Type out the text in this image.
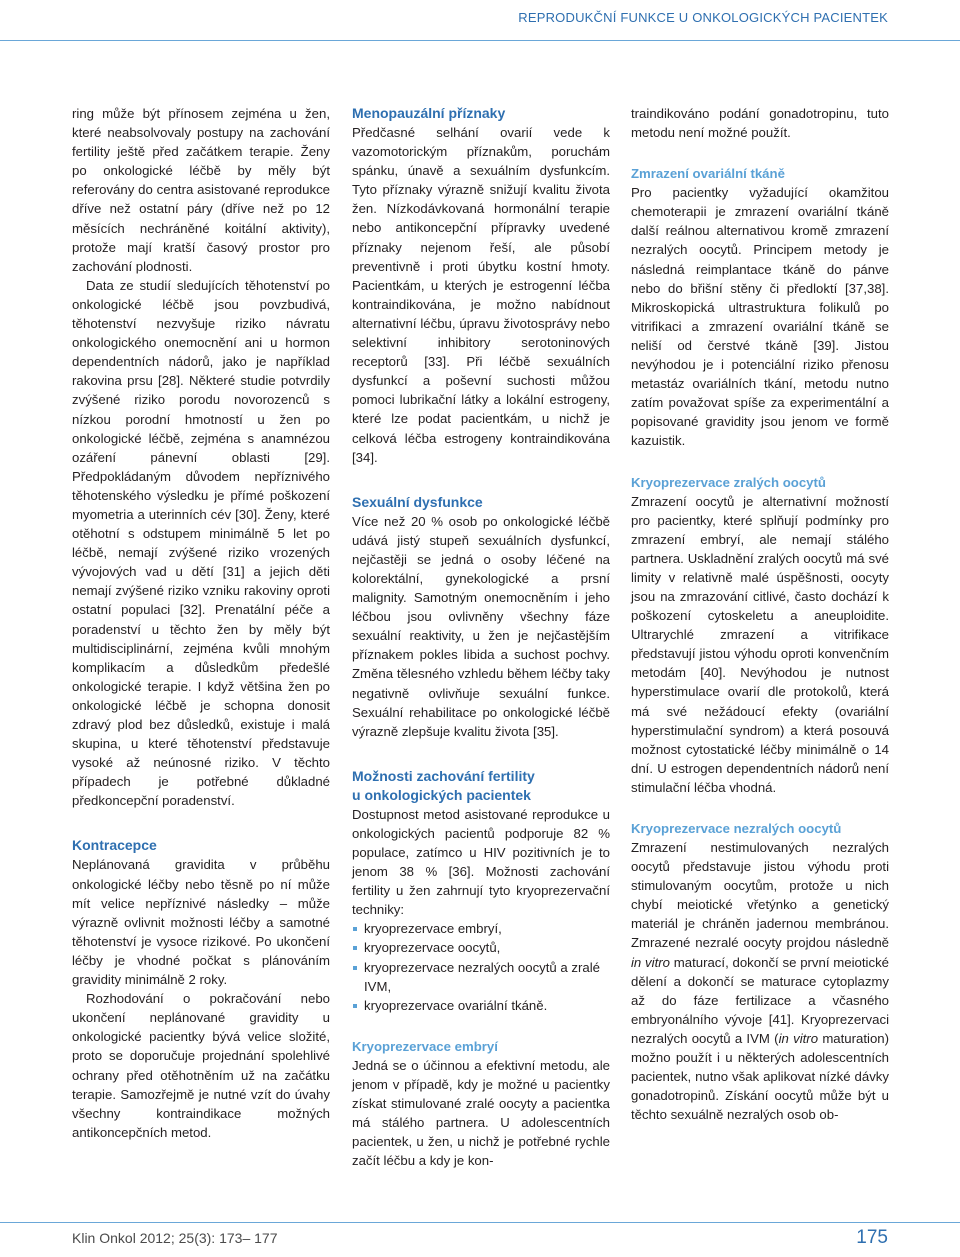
REPRODUKČNÍ FUNKCE U ONKOLOGICKÝCH PACIENTEK

ring může být přínosem zejména u žen, které neabsolvovaly postupy na zachování fertility ještě před začátkem terapie. Ženy po onkologické léčbě by měly být referovány do centra asistované reprodukce dříve než ostatní páry (dříve než po 12 měsících nechráněné koitální aktivity), protože mají kratší časový prostor pro zachování plodnosti.

Data ze studií sledujících těhotenství po onkologické léčbě jsou povzbudivá, těhotenství nezvyšuje riziko návratu onkologického onemocnění ani u hormon dependentních nádorů, jako je například rakovina prsu [28]. Některé studie potvrdily zvýšené riziko porodu novorozenců s nízkou porodní hmotností u žen po onkologické léčbě, zejména s anamnézou ozáření pánevní oblasti [29]. Předpokládaným důvodem nepříznivého těhotenského výsledku je přímé poškození myometria a uterinních cév [30]. Ženy, které otěhotní s odstupem minimálně 5 let po léčbě, nemají zvýšené riziko vrozených vývojových vad u dětí [31] a jejich děti nemají zvýšené riziko vzniku rakoviny oproti ostatní populaci [32]. Prenatální péče a poradenství u těchto žen by měly být multidisciplinární, zejména kvůli mnohým komplikacím a důsledkům předešlé onkologické terapie. I když většina žen po onkologické léčbě je schopna donosit zdravý plod bez důsledků, existuje i malá skupina, u které těhotenství představuje vysoké až neúnosné riziko. V těchto případech je potřebné důkladné předkoncepční poradenství.

Kontracepce

Neplánovaná gravidita v průběhu onkologické léčby nebo těsně po ní může mít velice nepříznivé následky – může výrazně ovlivnit možnosti léčby a samotné těhotenství je vysoce rizikové. Po ukončení léčby je vhodné počkat s plánováním gravidity minimálně 2 roky.

Rozhodování o pokračování nebo ukončení neplánované gravidity u onkologické pacientky bývá velice složité, proto se doporučuje projednání spolehlivé ochrany před otěhotněním už na začátku terapie. Samozřejmě je nutné vzít do úvahy všechny kontraindikace možných antikoncepčních metod.

Menopauzální příznaky

Předčasné selhání ovarií vede k vazomotorickým příznakům, poruchám spánku, únavě a sexuálním dysfunkcím. Tyto příznaky výrazně snižují kvalitu života žen. Nízkodávkovaná hormonální terapie nebo antikoncepční přípravky uvedené příznaky nejenom řeší, ale působí preventivně i proti úbytku kostní hmoty. Pacientkám, u kterých je estrogenní léčba kontraindikována, je možno nabídnout alternativní léčbu, úpravu životosprávy nebo selektivní inhibitory serotoninových receptorů [33]. Při léčbě sexuálních dysfunkcí a poševní suchosti můžou pomoci lubrikační látky a lokální estrogeny, které lze podat pacientkám, u nichž je celková léčba estrogeny kontraindikována [34].

Sexuální dysfunkce

Více než 20 % osob po onkologické léčbě udává jistý stupeň sexuálních dysfunkcí, nejčastěji se jedná o osoby léčené na kolorektální, gynekologické a prsní malignity. Samotným onemocněním i jeho léčbou jsou ovlivněny všechny fáze sexuální reaktivity, u žen je nejčastějším příznakem pokles libida a suchost pochvy. Změna tělesného vzhledu během léčby taky negativně ovlivňuje sexuální funkce. Sexuální rehabilitace po onkologické léčbě výrazně zlepšuje kvalitu života [35].

Možnosti zachování fertility
u onkologických pacientek

Dostupnost metod asistované reprodukce u onkologických pacientů podporuje 82 % populace, zatímco u HIV pozitivních je to jenom 38 % [36]. Možnosti zachování fertility u žen zahrnují tyto kryoprezervační techniky:

kryoprezervace embryí,
kryoprezervace oocytů,
kryoprezervace nezralých oocytů a zralé IVM,
kryoprezervace ovariální tkáně.
Kryoprezervace embryí

Jedná se o účinnou a efektivní metodu, ale jenom v případě, kdy je možné u pacientky získat stimulované zralé oocyty a pacientka má stálého partnera. U adolescentních pacientek, u žen, u nichž je potřebné rychle začít léčbu a kdy je kon-

traindikováno podání gonadotropinu, tuto metodu není možné použít.

Zmrazení ovariální tkáně

Pro pacientky vyžadující okamžitou chemoterapii je zmrazení ovariální tkáně další reálnou alternativou kromě zmrazení nezralých oocytů. Principem metody je následná reimplantace tkáně do pánve nebo do břišní stěny či předloktí [37,38]. Mikroskopická ultrastruktura folikulů po vitrifikaci a zmrazení ovariální tkáně se neliší od čerstvé tkáně [39]. Jistou nevýhodou je i potenciální riziko přenosu metastáz ovariálních tkání, metodu nutno zatím považovat spíše za experimentální a popisované gravidity jsou jenom ve formě kazuistik.

Kryoprezervace zralých oocytů

Zmrazení oocytů je alternativní možností pro pacientky, které splňují podmínky pro zmrazení embryí, ale nemají stálého partnera. Uskladnění zralých oocytů má své limity v relativně malé úspěšnosti, oocyty jsou na zmrazování citlivé, často dochází k poškození cytoskeletu a aneuploidite. Ultrarychlé zmrazení a vitrifikace představují jistou výhodu oproti konvenčním metodám [40]. Nevýhodou je nutnost hyperstimulace ovarií dle protokolů, která má své nežádoucí efekty (ovariální hyperstimulační syndrom) a která posouvá možnost cytostatické léčby minimálně o 14 dní. U estrogen dependentních nádorů není stimulační léčba vhodná.

Kryoprezervace nezralých oocytů

Zmrazení nestimulovaných nezralých oocytů představuje jistou výhodu proti stimulovaným oocytům, protože u nich chybí meiotické vřetýnko a genetický materiál je chráněn jadernou membránou. Zmrazené nezralé oocyty projdou následně in vitro maturací, dokončí se první meiotické dělení a dokončí se maturace cytoplazmy až do fáze fertilizace a včasného embryonálního vývoje [41]. Kryoprezervaci nezralých oocytů a IVM (in vitro maturation) možno použít i u některých adolescentních pacientek, nutno však aplikovat nízké dávky gonadotropinů. Získání oocytů může být u těchto sexuálně nezralých osob ob-

Klin Onkol 2012; 25(3): 173– 177	175
